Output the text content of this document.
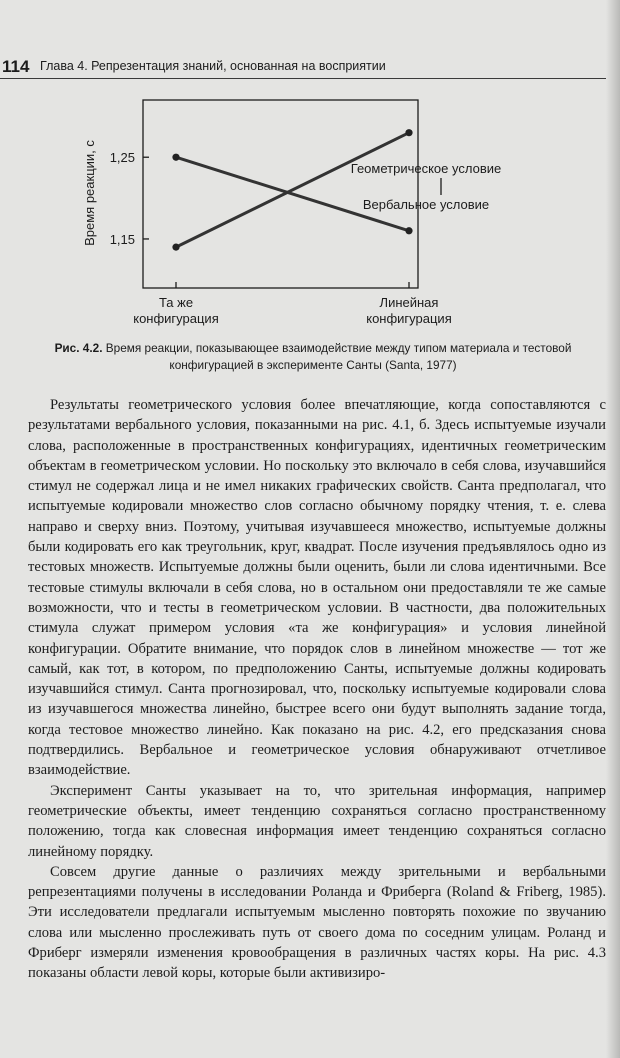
114 Глава 4. Репрезентация знаний, основанная на восприятии
Время реакции, с 1,15
1,25
Та же конфигурация
Линейная конфигурация
Геометрическое условие
Вербальное условие
Рис. 4.2. Время реакции, показывающее взаимодействие между типом материала и тестовой конфигурацией в эксперименте Санты (Santa, 1977)

Результаты геометрического условия более впечатляющие, когда сопоставляются с результатами вербального условия, показанными на рис. 4.1, б. Здесь испытуемые изучали слова, расположенные в пространственных конфигурациях, идентичных геометрическим объектам в геометрическом условии. Но поскольку это включало в себя слова, изучавшийся стимул не содержал лица и не имел никаких графических свойств. Санта предполагал, что испытуемые кодировали множество слов согласно обычному порядку чтения, т. е. слева направо и сверху вниз. Поэтому, учитывая изучавшееся множество, испытуемые должны были кодировать его как треугольник, круг, квадрат. После изучения предъявлялось одно из тестовых множеств. Испытуемые должны были оценить, были ли слова идентичными. Все тестовые стимулы включали в себя слова, но в остальном они предоставляли те же самые возможности, что и тесты в геометрическом условии. В частности, два положительных стимула служат примером условия «та же конфигурация» и условия линейной конфигурации. Обратите внимание, что порядок слов в линейном множестве — тот же самый, как тот, в котором, по предположению Санты, испытуемые должны кодировать изучавшийся стимул. Санта прогнозировал, что, поскольку испытуемые кодировали слова из изучавшегося множества линейно, быстрее всего они будут выполнять задание тогда, когда тестовое множество линейно. Как показано на рис. 4.2, его предсказания снова подтвердились. Вербальное и геометрическое условия обнаруживают отчетливое взаимодействие.

Эксперимент Санты указывает на то, что зрительная информация, например геометрические объекты, имеет тенденцию сохраняться согласно пространственному положению, тогда как словесная информация имеет тенденцию сохраняться согласно линейному порядку.

Совсем другие данные о различиях между зрительными и вербальными репрезентациями получены в исследовании Роланда и Фриберга (Roland & Friberg, 1985). Эти исследователи предлагали испытуемым мысленно повторять похожие по звучанию слова или мысленно прослеживать путь от своего дома по соседним улицам. Роланд и Фриберг измеряли изменения кровообращения в различных частях коры. На рис. 4.3 показаны области левой коры, которые были активизиро-
